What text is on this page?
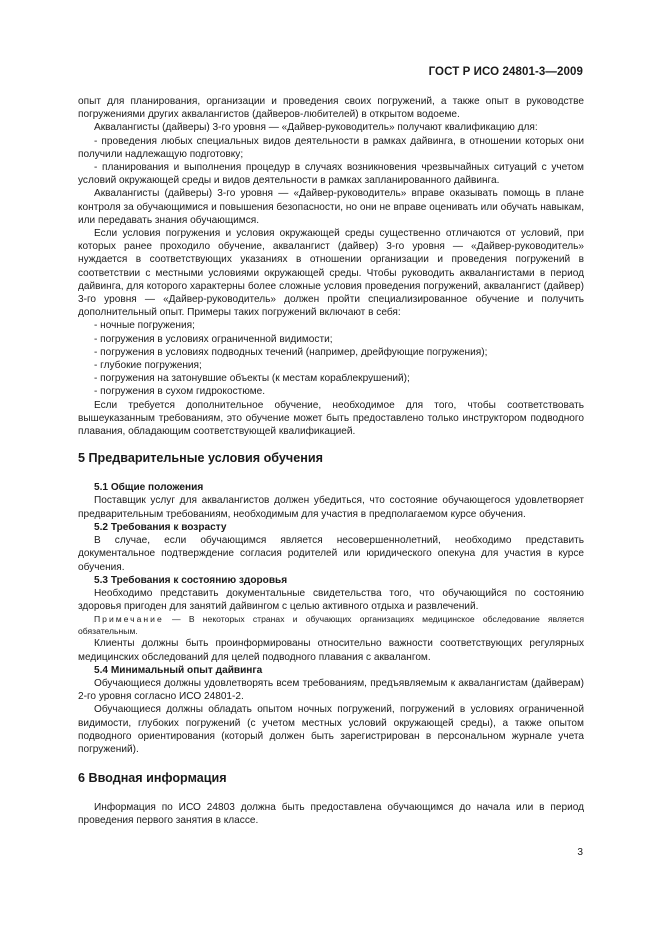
ГОСТ Р ИСО 24801-3—2009

опыт для планирования, организации и проведения своих погружений, а также опыт в руководстве погружениями других аквалангистов (дайверов-любителей) в открытом водоеме.

Аквалангисты (дайверы) 3-го уровня — «Дайвер-руководитель» получают квалификацию для:

- проведения любых специальных видов деятельности в рамках дайвинга, в отношении которых они получили надлежащую подготовку;

- планирования и выполнения процедур в случаях возникновения чрезвычайных ситуаций с учетом условий окружающей среды и видов деятельности в рамках запланированного дайвинга.

Аквалангисты (дайверы) 3-го уровня — «Дайвер-руководитель» вправе оказывать помощь в плане контроля за обучающимися и повышения безопасности, но они не вправе оценивать или обучать навыкам, или передавать знания обучающимся.

Если условия погружения и условия окружающей среды существенно отличаются от условий, при которых ранее проходило обучение, аквалангист (дайвер) 3-го уровня — «Дайвер-руководитель» нуждается в соответствующих указаниях в отношении организации и проведения погружений в соответствии с местными условиями окружающей среды. Чтобы руководить аквалангистами в период дайвинга, для которого характерны более сложные условия проведения погружений, аквалангист (дайвер) 3-го уровня — «Дайвер-руководитель» должен пройти специализированное обучение и получить дополнительный опыт. Примеры таких погружений включают в себя:

- ночные погружения;

- погружения в условиях ограниченной видимости;

- погружения в условиях подводных течений (например, дрейфующие погружения);

- глубокие погружения;

- погружения на затонувшие объекты (к местам кораблекрушений);

- погружения в сухом гидрокостюме.

Если требуется дополнительное обучение, необходимое для того, чтобы соответствовать вышеуказанным требованиям, это обучение может быть предоставлено только инструктором подводного плавания, обладающим соответствующей квалификацией.

5 Предварительные условия обучения
5.1 Общие положения

Поставщик услуг для аквалангистов должен убедиться, что состояние обучающегося удовлетворяет предварительным требованиям, необходимым для участия в предполагаемом курсе обучения.

5.2 Требования к возрасту

В случае, если обучающимся является несовершеннолетний, необходимо представить документальное подтверждение согласия родителей или юридического опекуна для участия в курсе обучения.

5.3 Требования к состоянию здоровья

Необходимо представить документальные свидетельства того, что обучающийся по состоянию здоровья пригоден для занятий дайвингом с целью активного отдыха и развлечений.

Примечание — В некоторых странах и обучающих организациях медицинское обследование является обязательным.

Клиенты должны быть проинформированы относительно важности соответствующих регулярных медицинских обследований для целей подводного плавания с аквалангом.

5.4 Минимальный опыт дайвинга

Обучающиеся должны удовлетворять всем требованиям, предъявляемым к аквалангистам (дайверам) 2-го уровня согласно ИСО 24801-2.

Обучающиеся должны обладать опытом ночных погружений, погружений в условиях ограниченной видимости, глубоких погружений (с учетом местных условий окружающей среды), а также опытом подводного ориентирования (который должен быть зарегистрирован в персональном журнале учета погружений).

6 Вводная информация

Информация по ИСО 24803 должна быть предоставлена обучающимся до начала или в период проведения первого занятия в классе.

3
